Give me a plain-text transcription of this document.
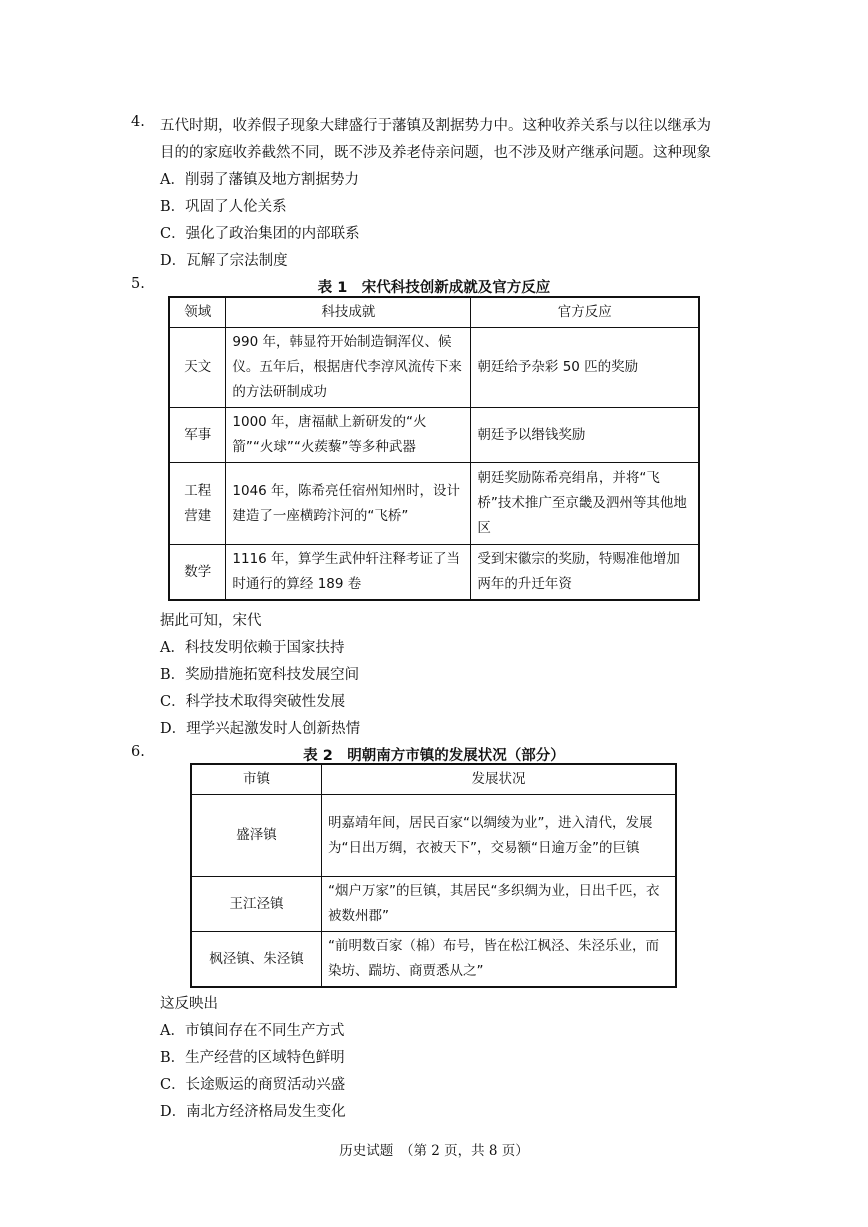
4. 五代时期，收养假子现象大肆盛行于藩镇及割据势力中。这种收养关系与以往以继承为
目的的家庭收养截然不同，既不涉及养老侍亲问题，也不涉及财产继承问题。这种现象
A．削弱了藩镇及地方割据势力
B．巩固了人伦关系
C．强化了政治集团的内部联系
D．瓦解了宗法制度
5.	表 1　宋代科技创新成就及官方反应
领域	科技成就	官方反应
天文	990 年，韩显符开始制造铜浑仪、候仪。五年后，根据唐代李淳风流传下来的方法研制成功	朝廷给予杂彩 50 匹的奖励
军事	1000 年，唐福献上新研发的“火箭”“火球”“火蒺藜”等多种武器	朝廷予以缗钱奖励
工程营建	1046 年，陈希亮任宿州知州时，设计建造了一座横跨汴河的“飞桥”	朝廷奖励陈希亮绢帛，并将“飞桥”技术推广至京畿及泗州等其他地区
数学	1116 年，算学生武仲轩注释考证了当时通行的算经 189 卷	受到宋徽宗的奖励，特赐准他增加两年的升迁年资
据此可知，宋代
A．科技发明依赖于国家扶持
B．奖励措施拓宽科技发展空间
C．科学技术取得突破性发展
D．理学兴起激发时人创新热情
6.	表 2　明朝南方市镇的发展状况（部分）
市镇	发展状况
盛泽镇	明嘉靖年间，居民百家“以绸绫为业”，进入清代，发展为“日出万绸，衣被天下”，交易额“日逾万金”的巨镇
王江泾镇	“烟户万家”的巨镇，其居民“多织绸为业，日出千匹，衣被数州郡”
枫泾镇、朱泾镇	“前明数百家（棉）布号，皆在松江枫泾、朱泾乐业，而染坊、踹坊、商贾悉从之”
这反映出
A．市镇间存在不同生产方式
B．生产经营的区域特色鲜明
C．长途贩运的商贸活动兴盛
D．南北方经济格局发生变化
历史试题　（第 2 页，共 8 页）
